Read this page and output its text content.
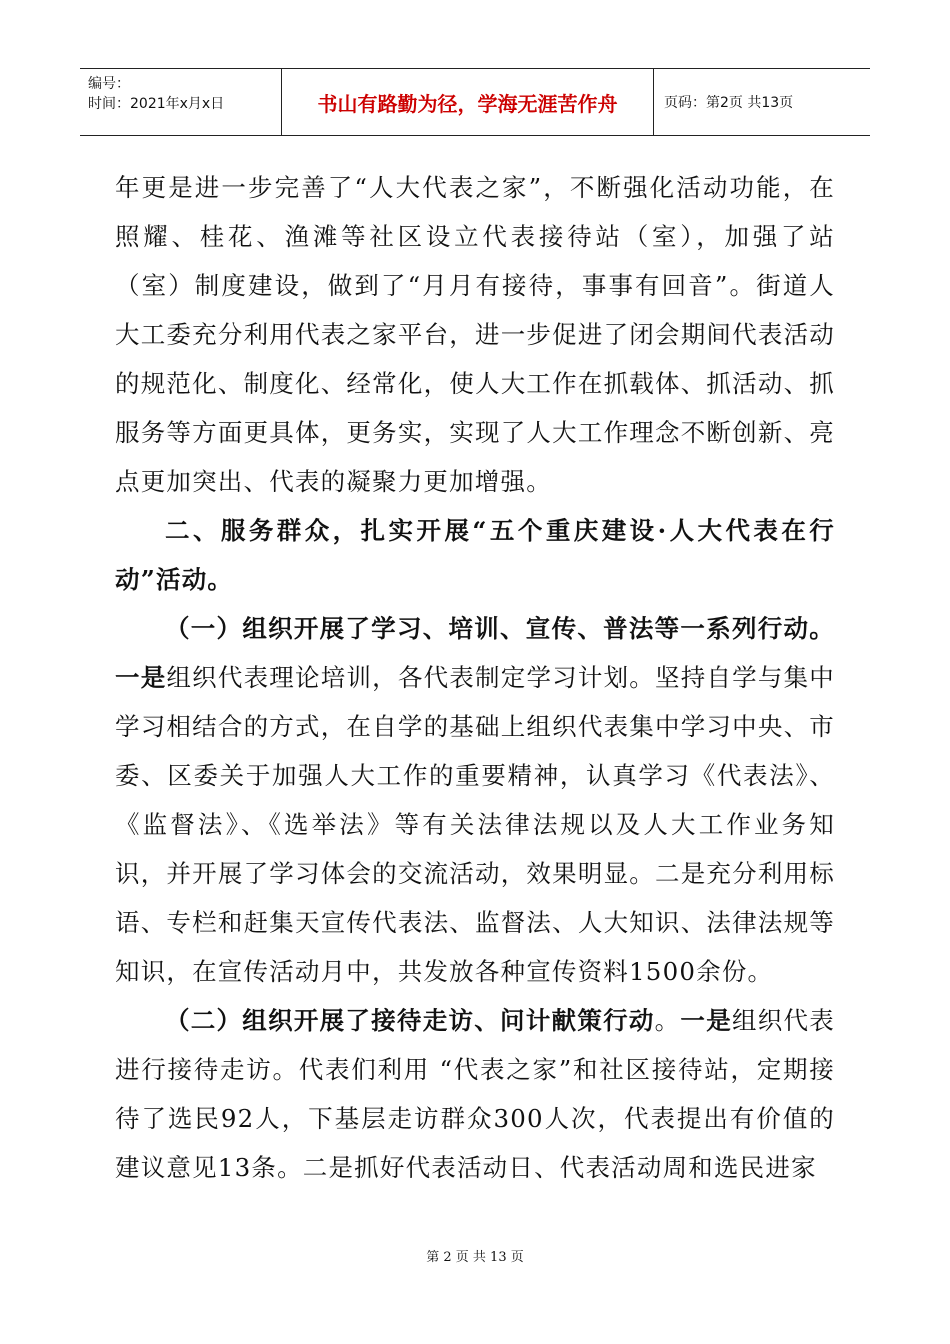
编号：
时间：2021年x月x日	书山有路勤为径，学海无涯苦作舟	页码：第2页 共13页

年更是进一步完善了“人大代表之家”，不断强化活动功能，在照耀、桂花、渔滩等社区设立代表接待站（室），加强了站（室）制度建设，做到了“月月有接待，事事有回音”。街道人大工委充分利用代表之家平台，进一步促进了闭会期间代表活动的规范化、制度化、经常化，使人大工作在抓载体、抓活动、抓服务等方面更具体，更务实，实现了人大工作理念不断创新、亮点更加突出、代表的凝聚力更加增强。

二、服务群众，扎实开展“五个重庆建设·人大代表在行动”活动。

（一）组织开展了学习、培训、宣传、普法等一系列行动。一是组织代表理论培训，各代表制定学习计划。坚持自学与集中学习相结合的方式，在自学的基础上组织代表集中学习中央、市委、区委关于加强人大工作的重要精神，认真学习《代表法》、《监督法》、《选举法》等有关法律法规以及人大工作业务知识，并开展了学习体会的交流活动，效果明显。二是充分利用标语、专栏和赶集天宣传代表法、监督法、人大知识、法律法规等知识，在宣传活动月中，共发放各种宣传资料1500余份。

（二）组织开展了接待走访、问计献策行动。一是组织代表进行接待走访。代表们利用 “代表之家”和社区接待站，定期接待了选民92人，下基层走访群众300人次，代表提出有价值的建议意见13条。二是抓好代表活动日、代表活动周和选民进家

第 2 页 共 13 页
